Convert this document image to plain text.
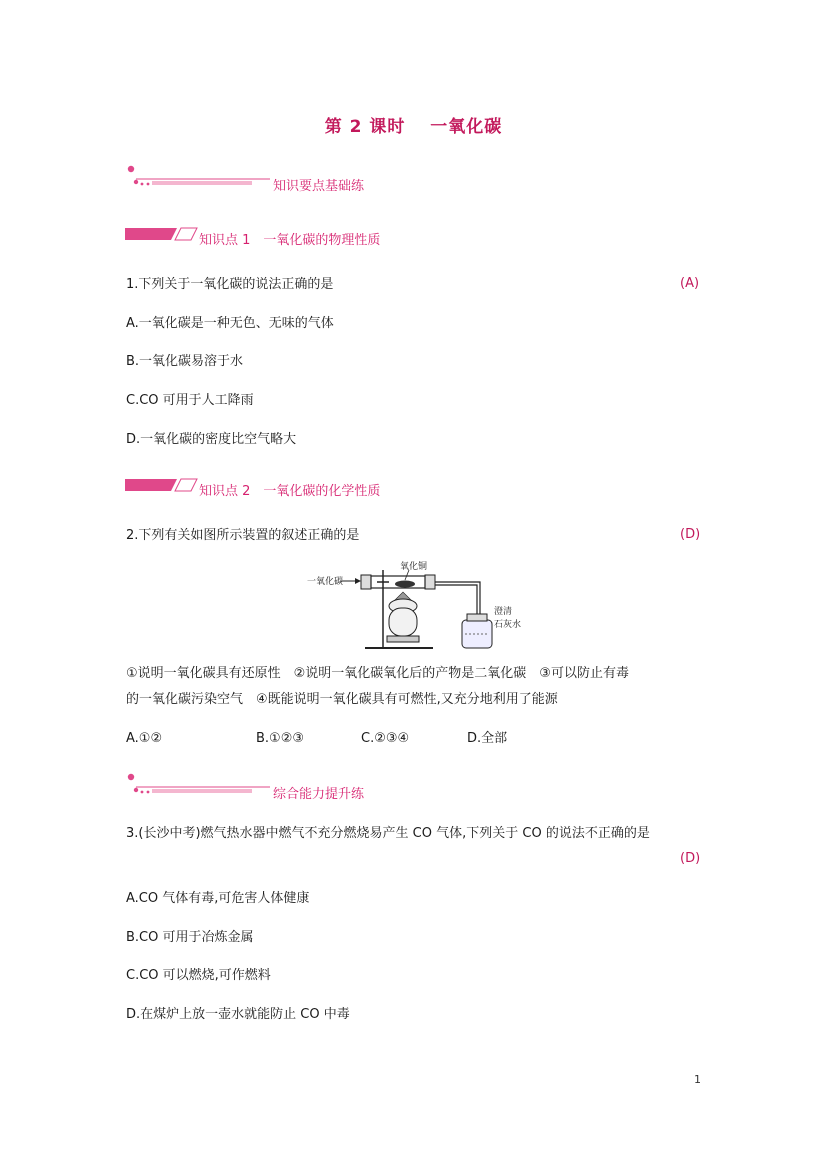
第 2 课时　 一氧化碳
知识要点基础练
知识点 1　一氧化碳的物理性质
1.下列关于一氧化碳的说法正确的是	(A)
A.一氧化碳是一种无色、无味的气体
B.一氧化碳易溶于水
C.CO 可用于人工降雨
D.一氧化碳的密度比空气略大
知识点 2　一氧化碳的化学性质
2.下列有关如图所示装置的叙述正确的是	(D)
一氧化碳
氧化铜
澄清
石灰水
①说明一氧化碳具有还原性　②说明一氧化碳氧化后的产物是二氧化碳　③可以防止有毒
的一氧化碳污染空气　④既能说明一氧化碳具有可燃性,又充分地利用了能源
A.①②	B.①②③	C.②③④	D.全部
综合能力提升练
3.(长沙中考)燃气热水器中燃气不充分燃烧易产生 CO 气体,下列关于 CO 的说法不正确的是
(D)
A.CO 气体有毒,可危害人体健康
B.CO 可用于冶炼金属
C.CO 可以燃烧,可作燃料
D.在煤炉上放一壶水就能防止 CO 中毒
1
